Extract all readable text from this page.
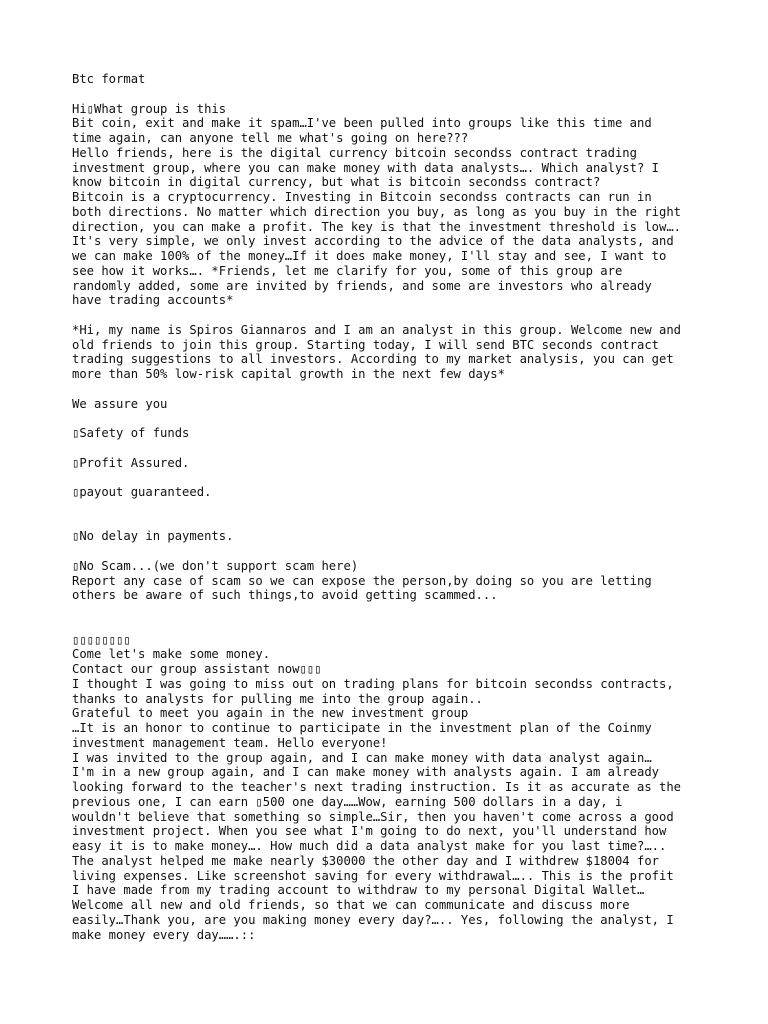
Btc format
Hi▯What group is this
Bit coin, exit and make it spam…I've been pulled into groups like this time and
time again, can anyone tell me what's going on here???
Hello friends, here is the digital currency bitcoin secondss contract trading
investment group, where you can make money with data analysts…. Which analyst? I
know bitcoin in digital currency, but what is bitcoin secondss contract?
Bitcoin is a cryptocurrency. Investing in Bitcoin secondss contracts can run in
both directions. No matter which direction you buy, as long as you buy in the right
direction, you can make a profit. The key is that the investment threshold is low….
It's very simple, we only invest according to the advice of the data analysts, and
we can make 100% of the money…If it does make money, I'll stay and see, I want to
see how it works…. *Friends, let me clarify for you, some of this group are
randomly added, some are invited by friends, and some are investors who already
have trading accounts*
*Hi, my name is Spiros Giannaros and I am an analyst in this group. Welcome new and
old friends to join this group. Starting today, I will send BTC seconds contract
trading suggestions to all investors. According to my market analysis, you can get
more than 50% low-risk capital growth in the next few days*
We assure you
▯Safety of funds
▯Profit Assured.
▯payout guaranteed.
▯No delay in payments.
▯No Scam...(we don't support scam here)
Report any case of scam so we can expose the person,by doing so you are letting
others be aware of such things,to avoid getting scammed...
▯▯▯▯▯▯▯▯
Come let's make some money.
Contact our group assistant now▯▯▯
I thought I was going to miss out on trading plans for bitcoin secondss contracts,
thanks to analysts for pulling me into the group again..
Grateful to meet you again in the new investment group
…It is an honor to continue to participate in the investment plan of the Coinmy
investment management team. Hello everyone!
I was invited to the group again, and I can make money with data analyst again…
I'm in a new group again, and I can make money with analysts again. I am already
looking forward to the teacher's next trading instruction. Is it as accurate as the
previous one, I can earn ▯500 one day……Wow, earning 500 dollars in a day, i
wouldn't believe that something so simple…Sir, then you haven't come across a good
investment project. When you see what I'm going to do next, you'll understand how
easy it is to make money…. How much did a data analyst make for you last time?…..
The analyst helped me make nearly $30000 the other day and I withdrew $18004 for
living expenses. Like screenshot saving for every withdrawal….. This is the profit
I have made from my trading account to withdraw to my personal Digital Wallet…
Welcome all new and old friends, so that we can communicate and discuss more
easily…Thank you, are you making money every day?….. Yes, following the analyst, I
make money every day…….::
